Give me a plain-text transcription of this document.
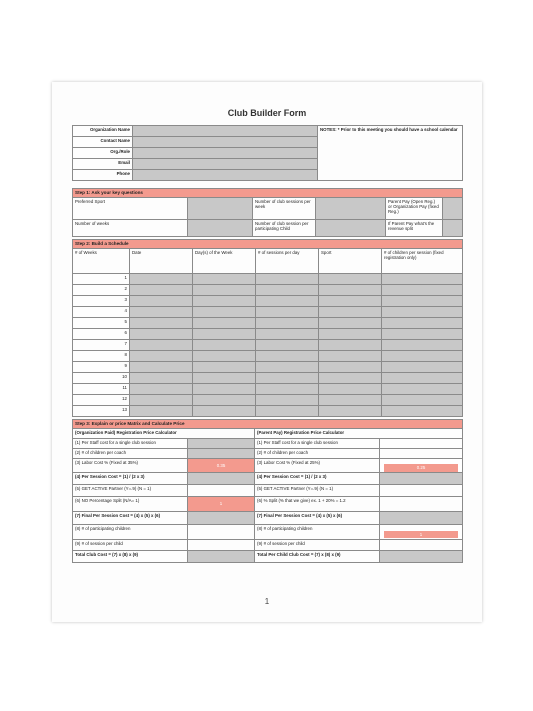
Club Builder Form
Organization Name		NOTES: * Prior to this meeting you should have a school calendar
Contact Name		
Org./Role		
Email		
Phone		
Step 1: Ask your key questions					
Preferred Sport		Number of club sessions per week		Parent Pay (Open Reg.) or Organization Pay (fixed Reg.)	
Number of weeks		Number of club session per participating Child		If Parent Pay what's the revenue split	
Step 2: Build a Schedule					
# of Weeks	Date	Day(s) of the Week	# of sessions per day	Sport	# of children per session (fixed registration only)
1					
2					
3					
4					
5					
6					
7					
8					
9					
10					
11					
12					
13					
Step 3: Explain or price Matrix and Calculate Price			
(Organization Paid) Registration Price Calculator		(Parent Pay) Registration Price Calculator	
(1) Per Staff cost for a single club session		(1) Per Staff cost for a single club session	
(2) # of children per coach		(2) # of children per coach	
(3) Labor Cost % (Fixed at 35%)	0.35	(3) Labor Cost % (Fixed at 25%)	0.25

(4) Per Session Cost = (1) / (2 x 3)		(4) Per Session Cost = (1) / (2 x 3)	
(5) GET ACTIVE Partner (Y=.9) (N = 1)		(5) GET ACTIVE Partner (Y=.9) (N = 1)	
(6) NO Percentage Split (N/A= 1)	1	(6) % Split (% that we give) ex. 1 + 20% = 1.2	
(7) Final Per Session Cost = (4) x (5) x (6)		(7) Final Per Session Cost = (4) x (5) x (6)	
(8) # of participating children		(8) # of participating children	1

(9) # of session per child		(9) # of session per child	
Total Club Cost = (7) x (8) x (9)		Total Per Child Club Cost = (7) x (8) x (9)	
1
